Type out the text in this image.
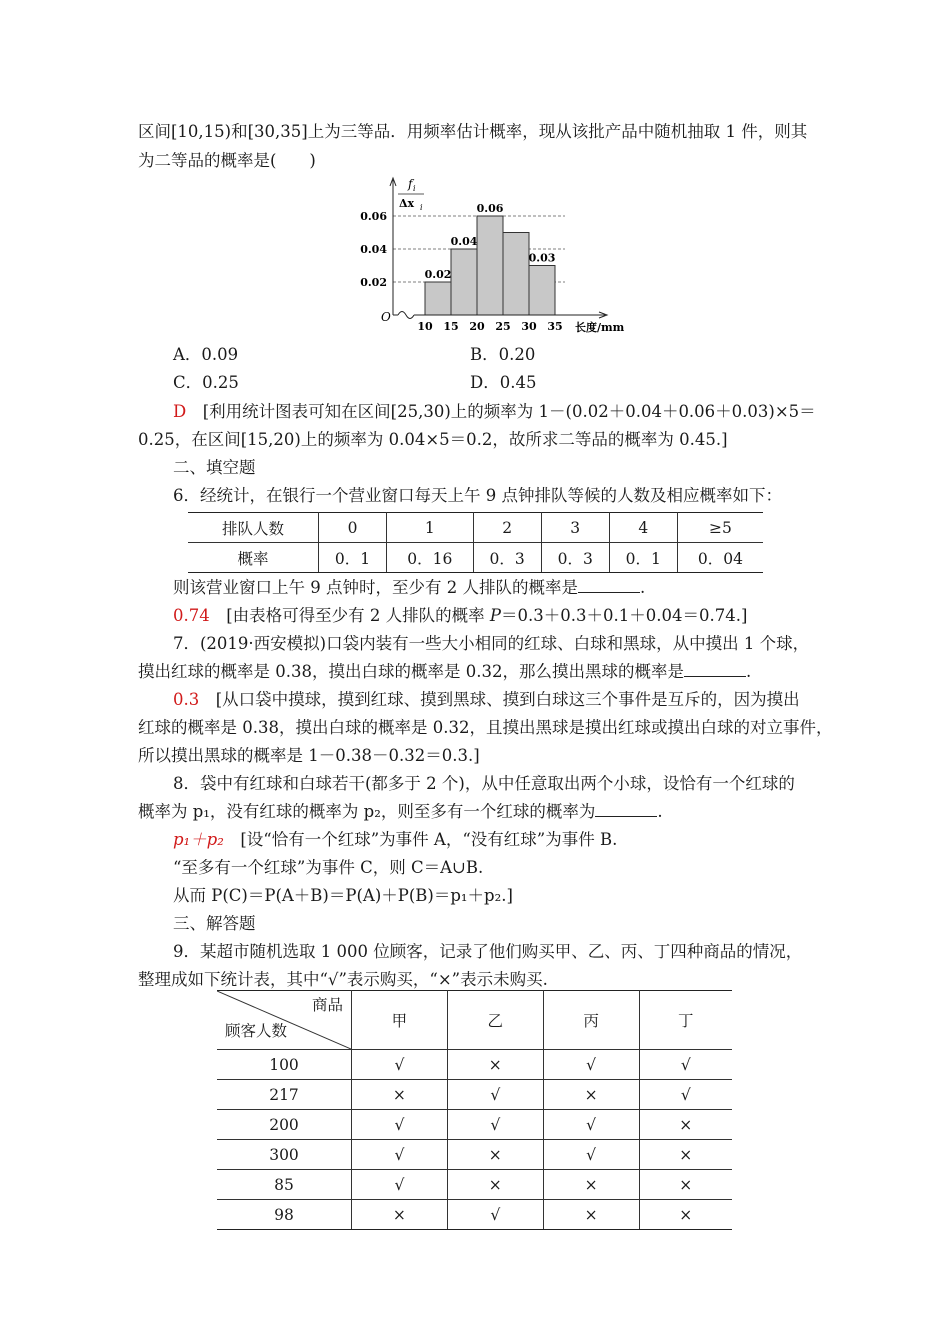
区间[10,15)和[30,35]上为三等品．用频率估计概率，现从该批产品中随机抽取 1 件，则其
为二等品的概率是(　　)
0.02
0.04
0.06
0.03
0.02
0.04
0.06
10 15 20 25 30 35
O
f i
Δx i
长度/mm
A．0.09	B．0.20
C．0.25	D．0.45
D　[利用统计图表可知在区间[25,30)上的频率为 1－(0.02＋0.04＋0.06＋0.03)×5＝
0.25，在区间[15,20)上的频率为 0.04×5＝0.2，故所求二等品的概率为 0.45.]
二、填空题
6．经统计，在银行一个营业窗口每天上午 9 点钟排队等候的人数及相应概率如下：
排队人数	0	1	2	3	4	≥5
概率	0．1	0．16	0．3	0．3	0．1	0．04
则该营业窗口上午 9 点钟时，至少有 2 人排队的概率是	.
0.74　[由表格可得至少有 2 人排队的概率 P＝0.3＋0.3＋0.1＋0.04＝0.74.]
7．(2019·西安模拟)口袋内装有一些大小相同的红球、白球和黑球，从中摸出 1 个球，
摸出红球的概率是 0.38，摸出白球的概率是 0.32，那么摸出黑球的概率是	.
0.3　[从口袋中摸球，摸到红球、摸到黑球、摸到白球这三个事件是互斥的，因为摸出
红球的概率是 0.38，摸出白球的概率是 0.32，且摸出黑球是摸出红球或摸出白球的对立事件，
所以摸出黑球的概率是 1－0.38－0.32＝0.3.]
8．袋中有红球和白球若干(都多于 2 个)，从中任意取出两个小球，设恰有一个红球的
概率为 p₁，没有红球的概率为 p₂，则至多有一个红球的概率为	.
p₁＋p₂　[设“恰有一个红球”为事件 A，“没有红球”为事件 B.
“至多有一个红球”为事件 C，则 C＝A∪B.
从而 P(C)＝P(A＋B)＝P(A)＋P(B)＝p₁＋p₂.]
三、解答题
9．某超市随机选取 1 000 位顾客，记录了他们购买甲、乙、丙、丁四种商品的情况，
整理成如下统计表，其中“√”表示购买，“×”表示未购买.
商品
顾客人数	甲	乙	丙	丁
100	√	×	√	√
217	×	√	×	√
200	√	√	√	×
300	√	×	√	×
85	√	×	×	×
98	×	√	×	×
